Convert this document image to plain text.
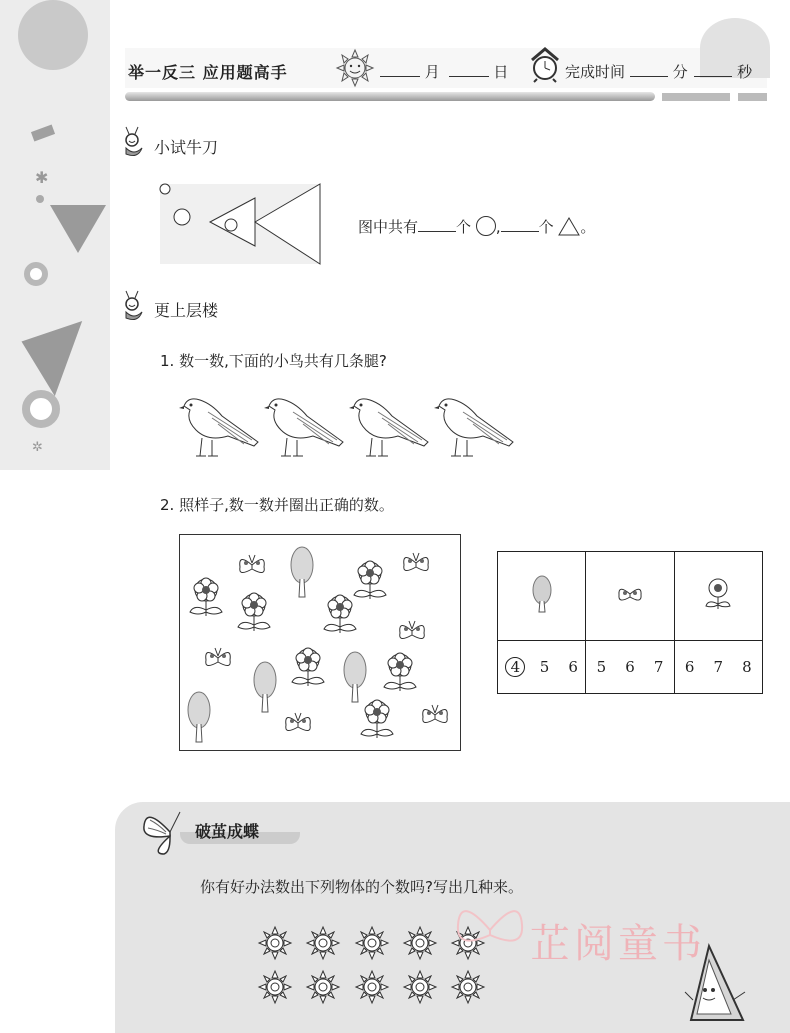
✱
✲
举一反三 应用题高手	月	日	完成时间	分	秒
小试牛刀
图中共有	个 ,	个 。
更上层楼
1. 数一数,下面的小鸟共有几条腿?
2. 照样子,数一数并圈出正确的数。

4 5 6	5 6 7	6 7 8
破茧成蝶
你有好办法数出下列物体的个数吗?写出几种来。
芷阅童书
